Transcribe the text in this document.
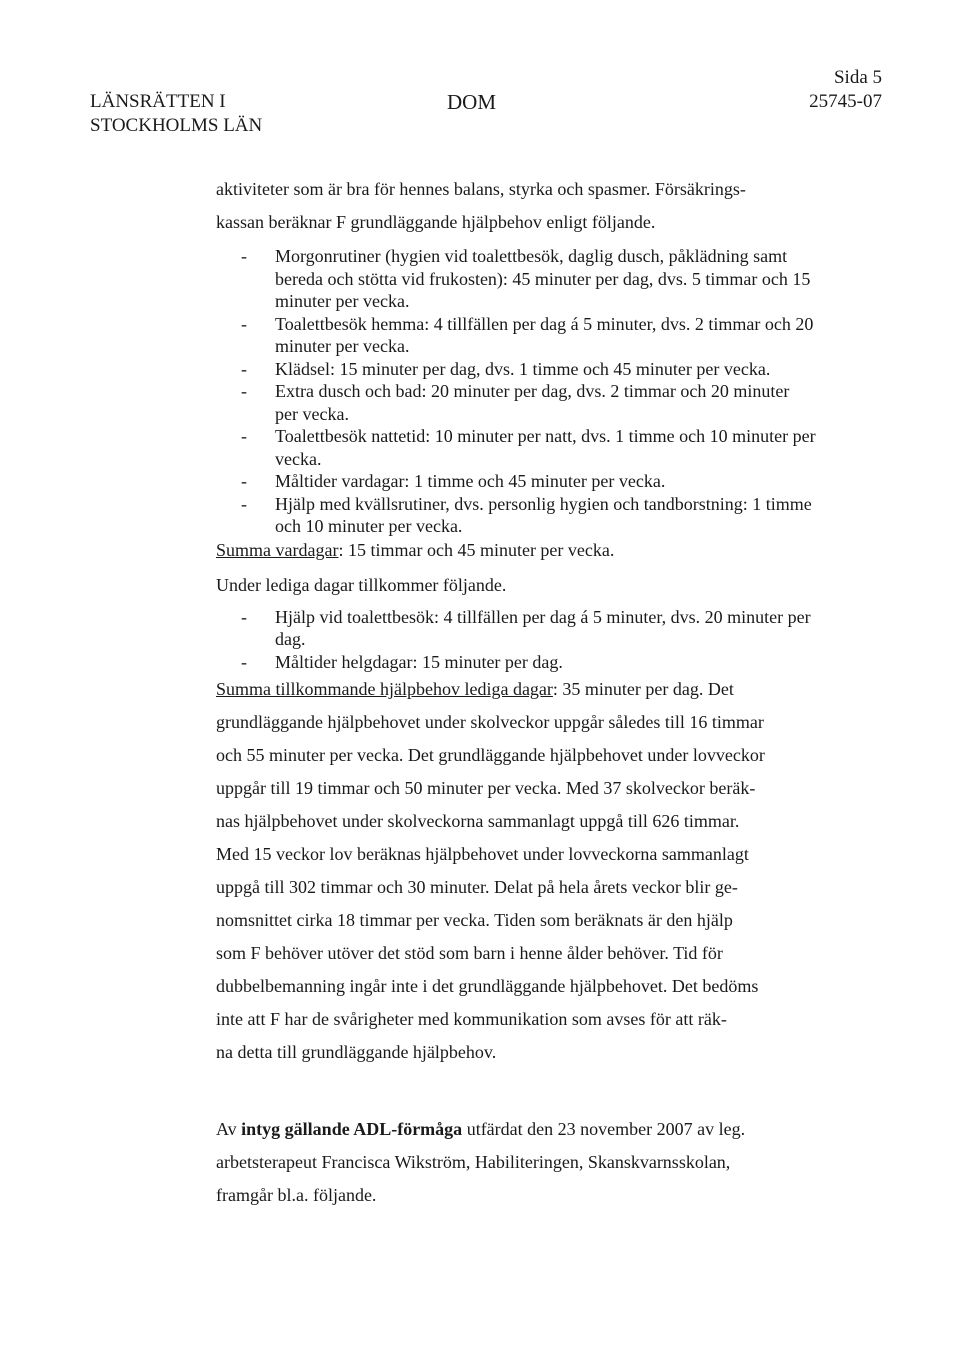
LÄNSRÄTTEN I
STOCKHOLMS LÄN
DOM
Sida 5
25745-07

aktiviteter som är bra för hennes balans, styrka och spasmer. Försäkrings-
kassan beräknar F grundläggande hjälpbehov enligt följande.

- Morgonrutiner (hygien vid toalettbesök, daglig dusch, påklädning samt bereda och stötta vid frukosten): 45 minuter per dag, dvs. 5 timmar och 15 minuter per vecka.
- Toalettbesök hemma: 4 tillfällen per dag á 5 minuter, dvs. 2 timmar och 20 minuter per vecka.
- Klädsel: 15 minuter per dag, dvs. 1 timme och 45 minuter per vecka.
- Extra dusch och bad: 20 minuter per dag, dvs. 2 timmar och 20 minuter per vecka.
- Toalettbesök nattetid: 10 minuter per natt, dvs. 1 timme och 10 minuter per vecka.
- Måltider vardagar: 1 timme och 45 minuter per vecka.
- Hjälp med kvällsrutiner, dvs. personlig hygien och tandborstning: 1 timme och 10 minuter per vecka.
Summa vardagar: 15 timmar och 45 minuter per vecka.
Under lediga dagar tillkommer följande.
- Hjälp vid toalettbesök: 4 tillfällen per dag á 5 minuter, dvs. 20 minuter per dag.
- Måltider helgdagar: 15 minuter per dag.
Summa tillkommande hjälpbehov lediga dagar: 35 minuter per dag. Det
grundläggande hjälpbehovet under skolveckor uppgår således till 16 timmar
och 55 minuter per vecka. Det grundläggande hjälpbehovet under lovveckor
uppgår till 19 timmar och 50 minuter per vecka. Med 37 skolveckor beräk-
nas hjälpbehovet under skolveckorna sammanlagt uppgå till 626 timmar.
Med 15 veckor lov beräknas hjälpbehovet under lovveckorna sammanlagt
uppgå till 302 timmar och 30 minuter. Delat på hela årets veckor blir ge-
nomsnittet cirka 18 timmar per vecka. Tiden som beräknats är den hjälp
som F behöver utöver det stöd som barn i henne ålder behöver. Tid för
dubbelbemanning ingår inte i det grundläggande hjälpbehovet. Det bedöms
inte att F har de svårigheter med kommunikation som avses för att räk-
na detta till grundläggande hjälpbehov.
Av intyg gällande ADL-förmåga utfärdat den 23 november 2007 av leg.
arbetsterapeut Francisca Wikström, Habiliteringen, Skanskvarnsskolan,
framgår bl.a. följande.
